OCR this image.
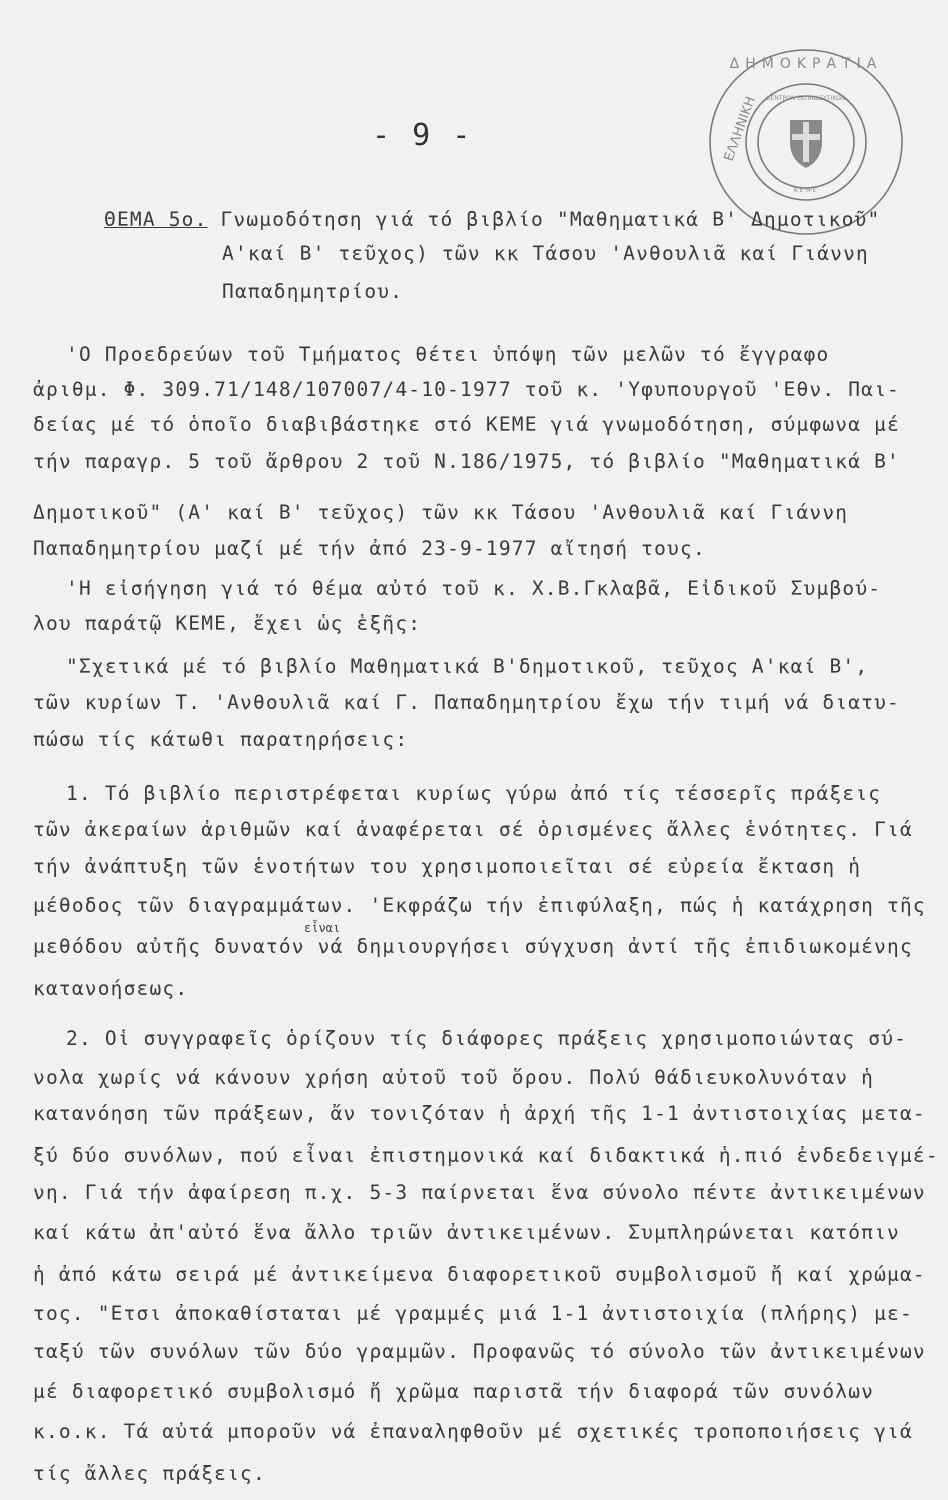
- 9 -
ΔΗΜΟΚΡΑΤΙΑ
ΕΛΛΗΝΙΚΗ ΚΕΝΤΡΟΝ ΕΚΠΑΙΔΕΥΤΙΚΩΝ
Κ·Ε·Μ·Ε·
ΘΕΜΑ 5ο. Γνωμοδότηση γιά τό βιβλίο "Μαθηματικά Β' Δημοτικοῦ"
Α'καί Β' τεῦχος) τῶν κκ Τάσου 'Ανθουλιᾶ καί Γιάννη
Παπαδημητρίου.
'Ο Προεδρεύων τοῦ Τμήματος θέτει ὑπόψη τῶν μελῶν τό ἔγγραφο
ἀριθμ. Φ. 309.71/148/107007/4-10-1977 τοῦ κ. 'Υφυπουργοῦ 'Εθν. Παι-
δείας μέ τό ὁποῖο διαβιβάστηκε στό ΚΕΜΕ γιά γνωμοδότηση, σύμφωνα μέ
τήν παραγρ. 5 τοῦ ἄρθρου 2 τοῦ Ν.186/1975, τό βιβλίο "Μαθηματικά Β'
Δημοτικοῦ" (Α' καί Β' τεῦχος) τῶν κκ Τάσου 'Ανθουλιᾶ καί Γιάννη
Παπαδημητρίου μαζί μέ τήν ἀπό 23-9-1977 αἴτησή τους.
'Η εἰσήγηση γιά τό θέμα αὐτό τοῦ κ. Χ.Β.Γκλαβᾶ, Εἰδικοῦ Συμβού-
λου παράτῷ ΚΕΜΕ, ἔχει ὡς ἑξῆς:
"Σχετικά μέ τό βιβλίο Μαθηματικά Β'δημοτικοῦ, τεῦχος Α'καί Β',
τῶν κυρίων Τ. 'Ανθουλιᾶ καί Γ. Παπαδημητρίου ἔχω τήν τιμή νά διατυ-
πώσω τίς κάτωθι παρατηρήσεις:
1. Τό βιβλίο περιστρέφεται κυρίως γύρω ἀπό τίς τέσσερῖς πράξεις
τῶν ἀκεραίων ἀριθμῶν καί ἀναφέρεται σέ ὁρισμένες ἄλλες ἑνότητες. Γιά
τήν ἀνάπτυξη τῶν ἑνοτήτων του χρησιμοποιεῖται σέ εὐρεία ἔκταση ἡ
μέθοδος τῶν διαγραμμάτων. 'Εκφράζω τήν ἐπιφύλαξη, πώς ἡ κατάχρηση τῆς
εἶναι
μεθόδου αὐτῆς δυνατόν νά δημιουργήσει σύγχυση ἀντί τῆς ἐπιδιωκομένης
κατανοήσεως.
2. Οἱ συγγραφεῖς ὁρίζουν τίς διάφορες πράξεις χρησιμοποιώντας σύ-
νολα χωρίς νά κάνουν χρήση αὐτοῦ τοῦ ὅρου. Πολύ θάδιευκολυνόταν ἡ
κατανόηση τῶν πράξεων, ἄν τονιζόταν ἡ ἀρχή τῆς 1-1 ἀντιστοιχίας μετα-
ξύ δύο συνόλων, πού εἶναι ἐπιστημονικά καί διδακτικά ἡ.πιό ἐνδεδειγμέ-
νη. Γιά τήν ἀφαίρεση π.χ. 5-3 παίρνεται ἕνα σύνολο πέντε ἀντικειμένων
καί κάτω ἀπ'αὐτό ἕνα ἄλλο τριῶν ἀντικειμένων. Συμπληρώνεται κατόπιν
ἡ ἀπό κάτω σειρά μέ ἀντικείμενα διαφορετικοῦ συμβολισμοῦ ἤ καί χρώμα-
τος. "Ετσι ἀποκαθίσταται μέ γραμμές μιά 1-1 ἀντιστοιχία (πλήρης) με-
ταξύ τῶν συνόλων τῶν δύο γραμμῶν. Προφανῶς τό σύνολο τῶν ἀντικειμένων
μέ διαφορετικό συμβολισμό ἤ χρῶμα παριστᾶ τήν διαφορά τῶν συνόλων
κ.ο.κ. Τά αὐτά μποροῦν νά ἐπαναληφθοῦν μέ σχετικές τροποποιήσεις γιά
τίς ἄλλες πράξεις.
